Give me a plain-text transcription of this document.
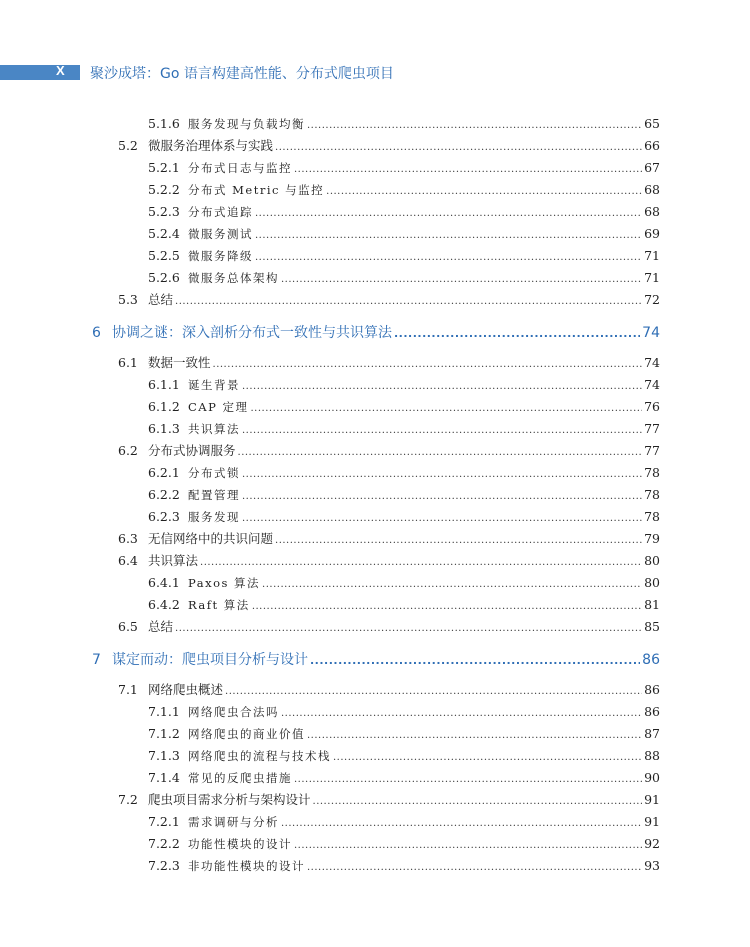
X 聚沙成塔：Go 语言构建高性能、分布式爬虫项目
5.1.6 服务发现与负载均衡 .....	65
5.2 微服务治理体系与实践 .....	66
5.2.1 分布式日志与监控 .....	67
5.2.2 分布式 Metric 与监控 .....	68
5.2.3 分布式追踪 .....	68
5.2.4 微服务测试 .....	69
5.2.5 微服务降级 .....	71
5.2.6 微服务总体架构 .....	71
5.3 总结 .....	72
6 协调之谜：深入剖析分布式一致性与共识算法 .....	74
6.1 数据一致性 .....	74
6.1.1 诞生背景 .....	74
6.1.2 CAP 定理 .....	76
6.1.3 共识算法 .....	77
6.2 分布式协调服务 .....	77
6.2.1 分布式锁 .....	78
6.2.2 配置管理 .....	78
6.2.3 服务发现 .....	78
6.3 无信网络中的共识问题 .....	79
6.4 共识算法 .....	80
6.4.1 Paxos 算法 .....	80
6.4.2 Raft 算法 .....	81
6.5 总结 .....	85
7 谋定而动：爬虫项目分析与设计 .....	86
7.1 网络爬虫概述 .....	86
7.1.1 网络爬虫合法吗 .....	86
7.1.2 网络爬虫的商业价值 .....	87
7.1.3 网络爬虫的流程与技术栈 .....	88
7.1.4 常见的反爬虫措施 .....	90
7.2 爬虫项目需求分析与架构设计 .....	91
7.2.1 需求调研与分析 .....	91
7.2.2 功能性模块的设计 .....	92
7.2.3 非功能性模块的设计 .....	93
